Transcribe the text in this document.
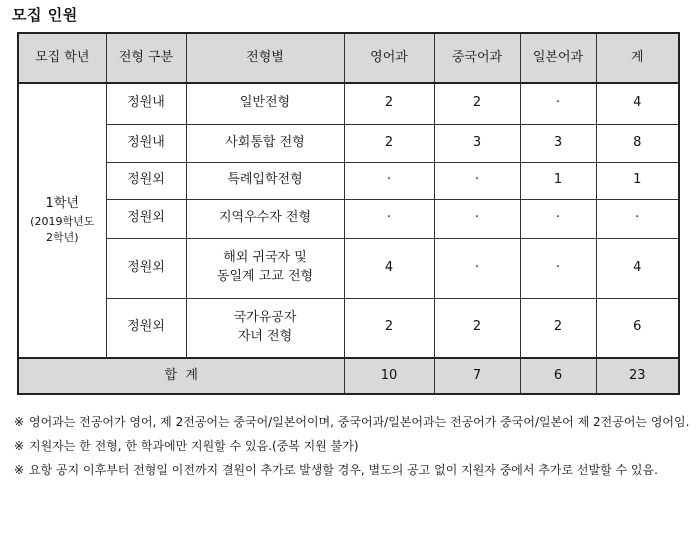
모집 인원
모집 학년	전형 구분	전형별	영어과	중국어과	일본어과	계

1학년
(2019학년도
2학년)	정원내	일반전형	2	2	·	4
	정원내	사회통합 전형	2	3	3	8
	정원외	특례입학전형	·	·	1	1
	정원외	지역우수자 전형	·	·	·	·
	정원외	해외 귀국자 및
동일계 고교 전형	4	·	·	4
	정원외	국가유공자
자녀 전형	2	2	2	6
합  계			10	7	6	23
※ 영어과는 전공어가 영어, 제 2전공어는 중국어/일본어이며, 중국어과/일본어과는 전공어가 중국어/일본어 제 2전공어는 영어임.
※ 지원자는 한 전형, 한 학과에만 지원할 수 있음.(중복 지원 불가)
※ 요항 공지 이후부터 전형일 이전까지 결원이 추가로 발생할 경우, 별도의 공고 없이 지원자 중에서 추가로 선발할 수 있음.
